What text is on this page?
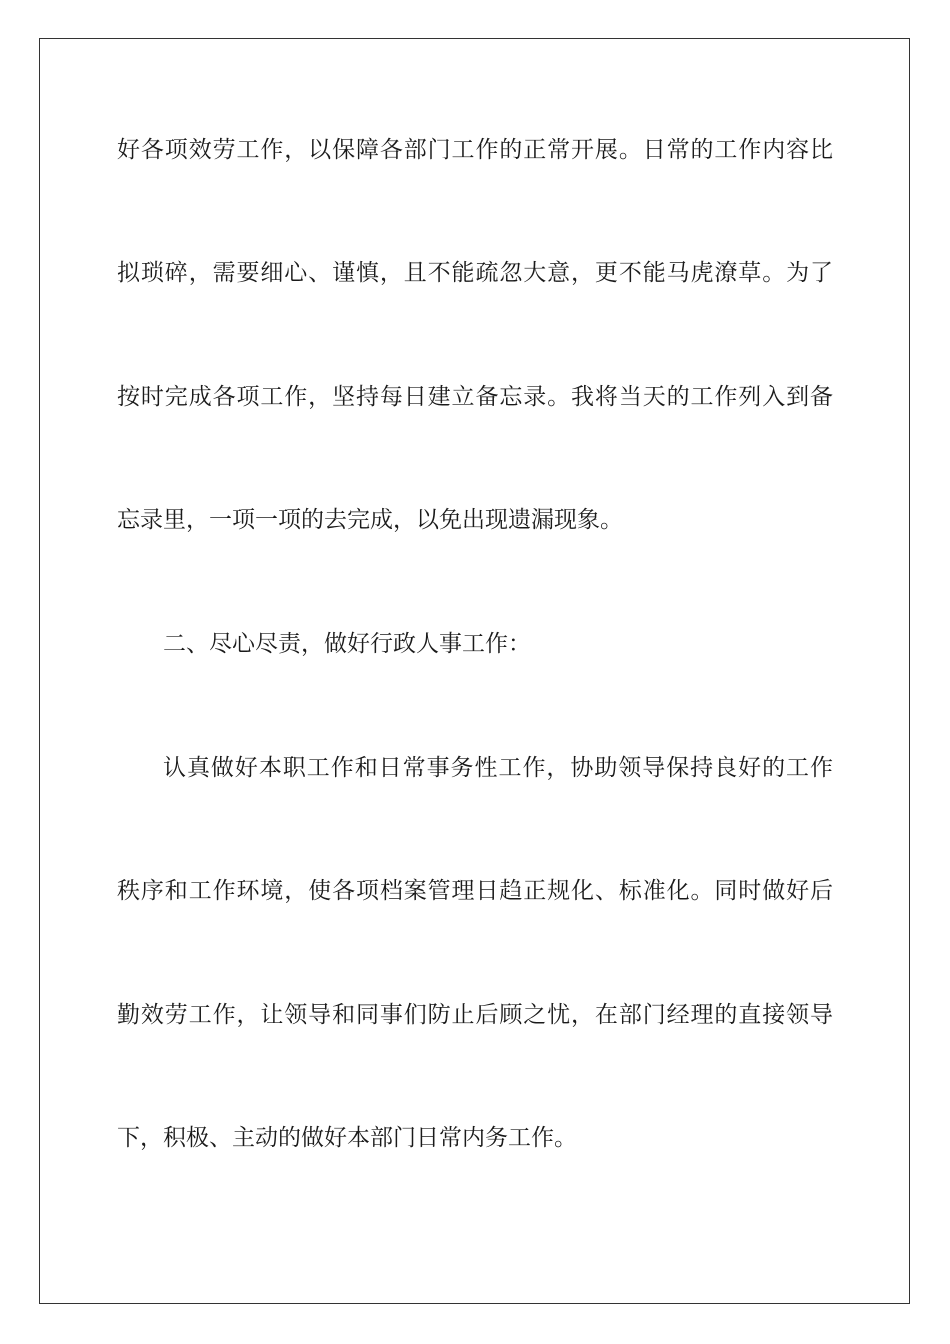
好各项效劳工作，以保障各部门工作的正常开展。日常的工作内容比
拟琐碎，需要细心、谨慎，且不能疏忽大意，更不能马虎潦草。为了
按时完成各项工作，坚持每日建立备忘录。我将当天的工作列入到备
忘录里，一项一项的去完成，以免出现遗漏现象。
二、尽心尽责，做好行政人事工作：
认真做好本职工作和日常事务性工作，协助领导保持良好的工作
秩序和工作环境，使各项档案管理日趋正规化、标准化。同时做好后
勤效劳工作，让领导和同事们防止后顾之忧，在部门经理的直接领导
下，积极、主动的做好本部门日常内务工作。
